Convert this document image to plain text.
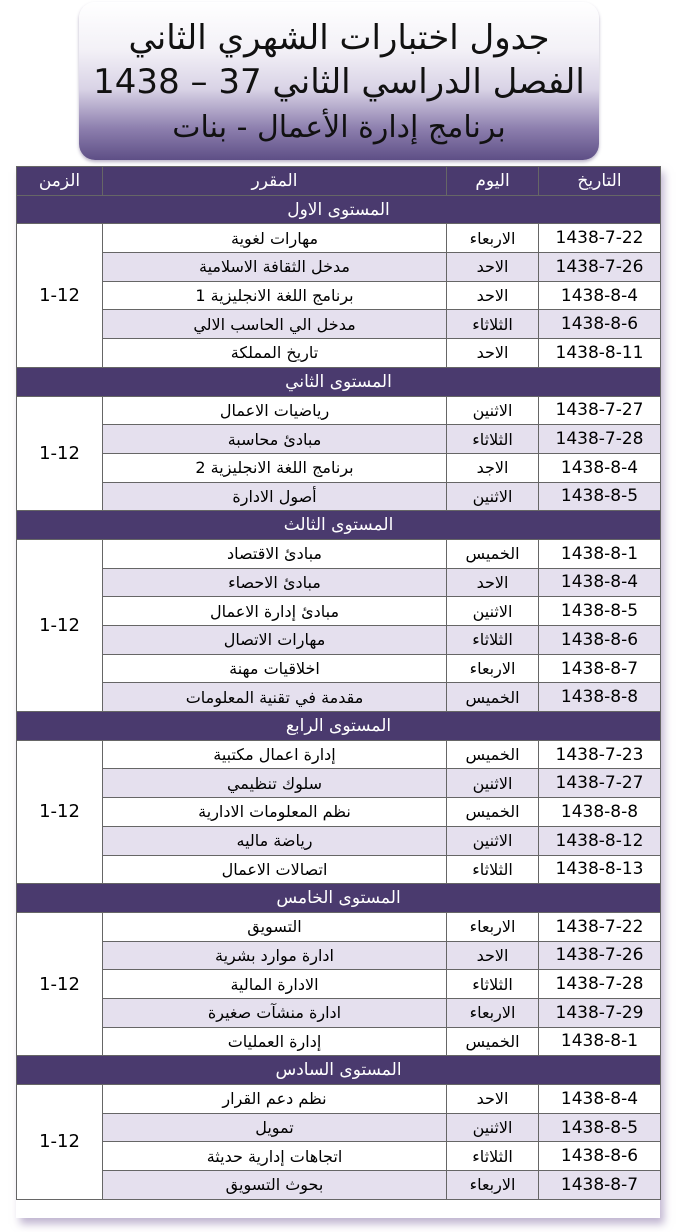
جدول اختبارات الشهري الثاني
الفصل الدراسي الثاني 37 – 1438
برنامج إدارة الأعمال - بنات
الزمن	المقرر	اليوم	التاريخ
المستوى الاول			
1-12	مهارات لغوية	الاربعاء	1438-7-22
	مدخل الثقافة الاسلامية	الاحد	1438-7-26
	برنامج اللغة الانجليزية 1	الاحد	1438-8-4
	مدخل الي الحاسب الالي	الثلاثاء	1438-8-6
	تاريخ المملكة	الاحد	1438-8-11
المستوى الثاني			
1-12	رياضيات الاعمال	الاثنين	1438-7-27
	مبادئ محاسبة	الثلاثاء	1438-7-28
	برنامج اللغة الانجليزية 2	الاجد	1438-8-4
	أصول الادارة	الاثنين	1438-8-5
المستوى الثالث			
1-12	مبادئ الاقتصاد	الخميس	1438-8-1
	مبادئ الاحصاء	الاحد	1438-8-4
	مبادئ إدارة الاعمال	الاثنين	1438-8-5
	مهارات الاتصال	الثلاثاء	1438-8-6
	اخلاقيات مهنة	الاربعاء	1438-8-7
	مقدمة في تقنية المعلومات	الخميس	1438-8-8
المستوى الرابع			
1-12	إدارة اعمال مكتبية	الخميس	1438-7-23
	سلوك تنظيمي	الاثنين	1438-7-27
	نظم المعلومات الادارية	الخميس	1438-8-8
	رياضة ماليه	الاثنين	1438-8-12
	اتصالات الاعمال	الثلاثاء	1438-8-13
المستوى الخامس			
1-12	التسويق	الاربعاء	1438-7-22
	ادارة موارد بشرية	الاحد	1438-7-26
	الادارة المالية	الثلاثاء	1438-7-28
	ادارة منشآت صغيرة	الاربعاء	1438-7-29
	إدارة العمليات	الخميس	1438-8-1
المستوى السادس			
1-12	نظم دعم القرار	الاحد	1438-8-4
	تمويل	الاثنين	1438-8-5
	اتجاهات إدارية حديثة	الثلاثاء	1438-8-6
	بحوث التسويق	الاربعاء	1438-8-7
